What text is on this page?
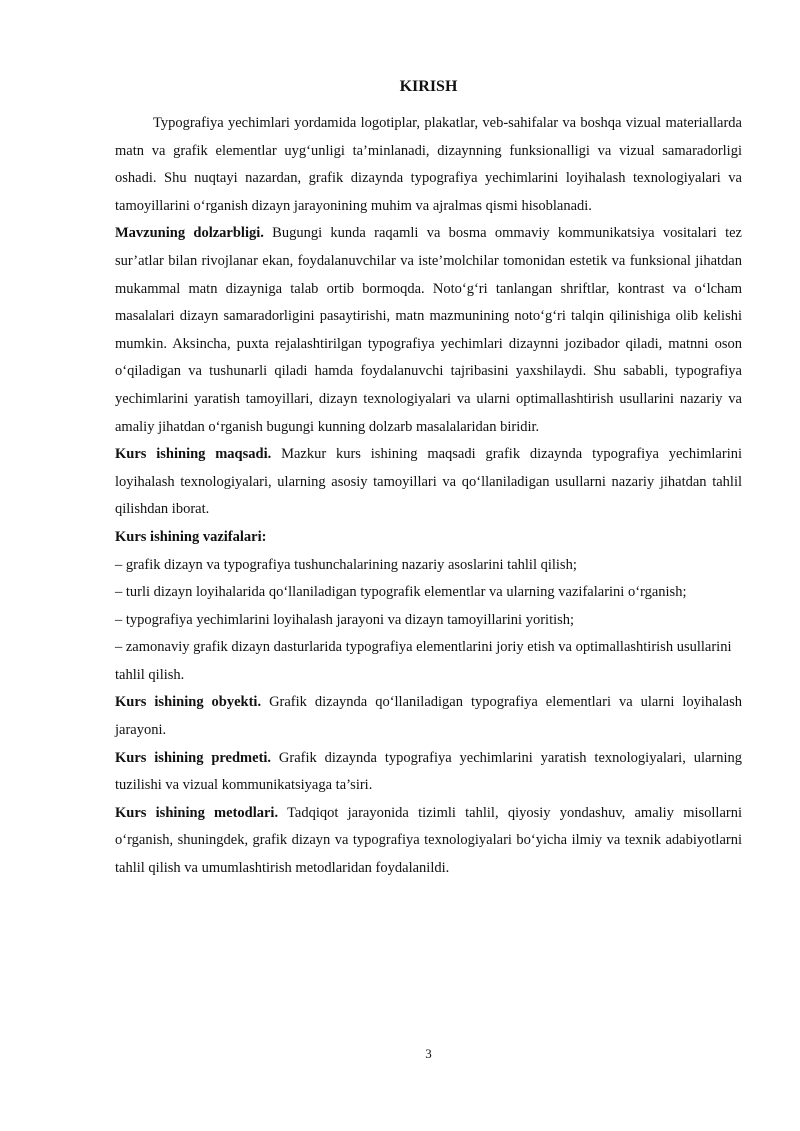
KIRISH

Typografiya yechimlari yordamida logotiplar, plakatlar, veb-sahifalar va boshqa vizual materiallarda matn va grafik elementlar uyg‘unligi ta’minlanadi, dizaynning funksionalligi va vizual samaradorligi oshadi. Shu nuqtayi nazardan, grafik dizaynda typografiya yechimlarini loyihalash texnologiyalari va tamoyillarini o‘rganish dizayn jarayonining muhim va ajralmas qismi hisoblanadi.

Mavzuning dolzarbligi. Bugungi kunda raqamli va bosma ommaviy kommunikatsiya vositalari tez sur’atlar bilan rivojlanar ekan, foydalanuvchilar va iste’molchilar tomonidan estetik va funksional jihatdan mukammal matn dizayniga talab ortib bormoqda. Noto‘g‘ri tanlangan shriftlar, kontrast va o‘lcham masalalari dizayn samaradorligini pasaytirishi, matn mazmunining noto‘g‘ri talqin qilinishiga olib kelishi mumkin. Aksincha, puxta rejalashtirilgan typografiya yechimlari dizaynni jozibador qiladi, matnni oson o‘qiladigan va tushunarli qiladi hamda foydalanuvchi tajribasini yaxshilaydi. Shu sababli, typografiya yechimlarini yaratish tamoyillari, dizayn texnologiyalari va ularni optimallashtirish usullarini nazariy va amaliy jihatdan o‘rganish bugungi kunning dolzarb masalalaridan biridir.

Kurs ishining maqsadi. Mazkur kurs ishining maqsadi grafik dizaynda typografiya yechimlarini loyihalash texnologiyalari, ularning asosiy tamoyillari va qo‘llaniladigan usullarni nazariy jihatdan tahlil qilishdan iborat.

Kurs ishining vazifalari:

– grafik dizayn va typografiya tushunchalarining nazariy asoslarini tahlil qilish;

– turli dizayn loyihalarida qo‘llaniladigan typografik elementlar va ularning vazifalarini o‘rganish;

– typografiya yechimlarini loyihalash jarayoni va dizayn tamoyillarini yoritish;

– zamonaviy grafik dizayn dasturlarida typografiya elementlarini joriy etish va optimallashtirish usullarini tahlil qilish.

Kurs ishining obyekti. Grafik dizaynda qo‘llaniladigan typografiya elementlari va ularni loyihalash jarayoni.

Kurs ishining predmeti. Grafik dizaynda typografiya yechimlarini yaratish texnologiyalari, ularning tuzilishi va vizual kommunikatsiyaga ta’siri.

Kurs ishining metodlari. Tadqiqot jarayonida tizimli tahlil, qiyosiy yondashuv, amaliy misollarni o‘rganish, shuningdek, grafik dizayn va typografiya texnologiyalari bo‘yicha ilmiy va texnik adabiyotlarni tahlil qilish va umumlashtirish metodlaridan foydalanildi.

3
